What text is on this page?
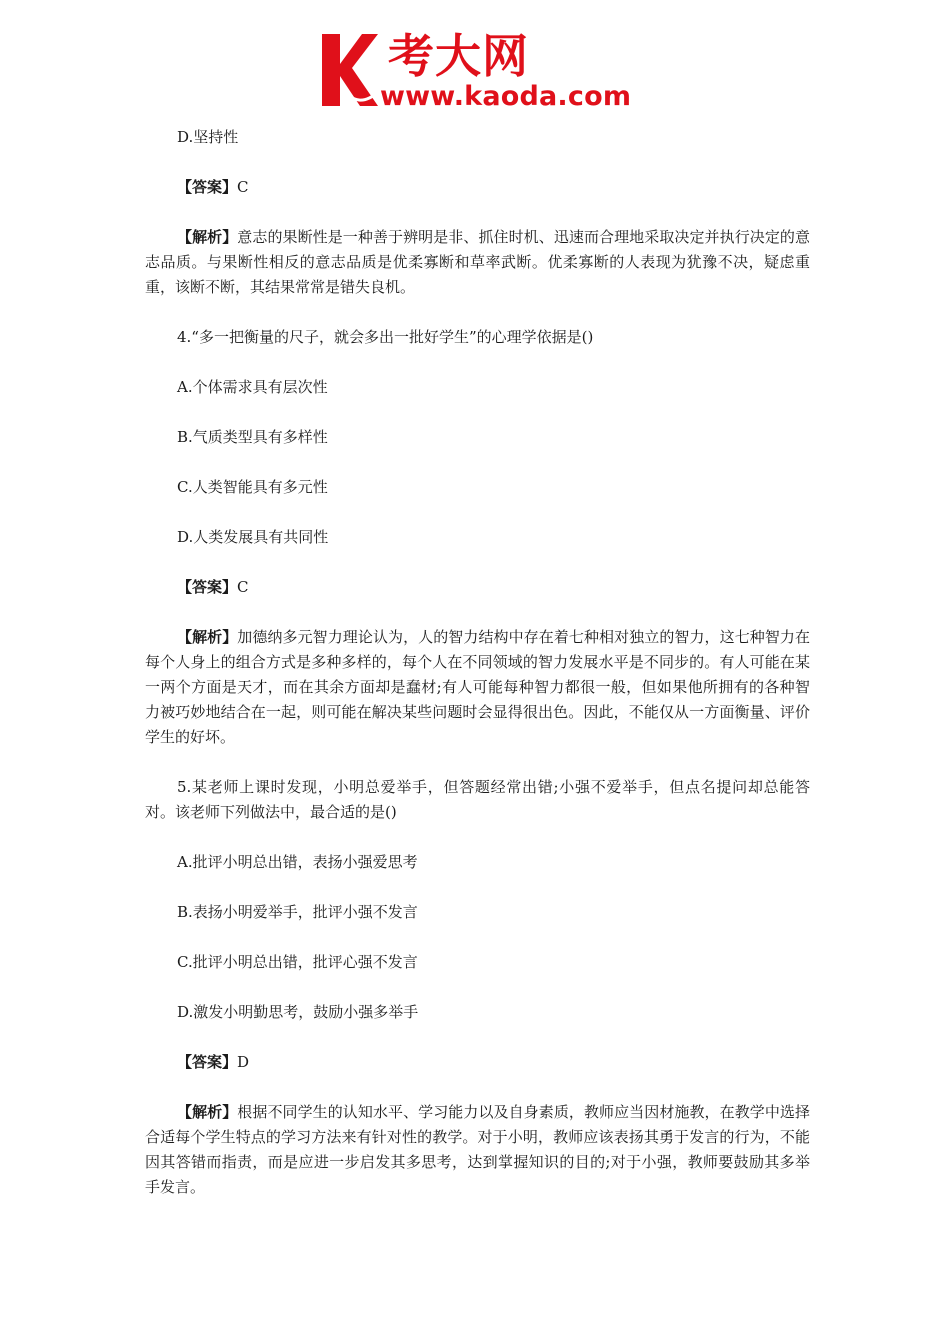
考大网
www.kaoda.com

D.坚持性

【答案】C

【解析】意志的果断性是一种善于辨明是非、抓住时机、迅速而合理地采取决定并执行决定的意志品质。与果断性相反的意志品质是优柔寡断和草率武断。优柔寡断的人表现为犹豫不决，疑虑重重，该断不断，其结果常常是错失良机。

4.“多一把衡量的尺子，就会多出一批好学生”的心理学依据是()

A.个体需求具有层次性

B.气质类型具有多样性

C.人类智能具有多元性

D.人类发展具有共同性

【答案】C

【解析】加德纳多元智力理论认为，人的智力结构中存在着七种相对独立的智力，这七种智力在每个人身上的组合方式是多种多样的，每个人在不同领域的智力发展水平是不同步的。有人可能在某一两个方面是天才，而在其余方面却是蠢材;有人可能每种智力都很一般，但如果他所拥有的各种智力被巧妙地结合在一起，则可能在解决某些问题时会显得很出色。因此，不能仅从一方面衡量、评价学生的好坏。

5.某老师上课时发现，小明总爱举手，但答题经常出错;小强不爱举手，但点名提问却总能答对。该老师下列做法中，最合适的是()

A.批评小明总出错，表扬小强爱思考

B.表扬小明爱举手，批评小强不发言

C.批评小明总出错，批评心强不发言

D.激发小明勤思考，鼓励小强多举手

【答案】D

【解析】根据不同学生的认知水平、学习能力以及自身素质，教师应当因材施教，在教学中选择合适每个学生特点的学习方法来有针对性的教学。对于小明，教师应该表扬其勇于发言的行为，不能因其答错而指责，而是应进一步启发其多思考，达到掌握知识的目的;对于小强，教师要鼓励其多举手发言。
